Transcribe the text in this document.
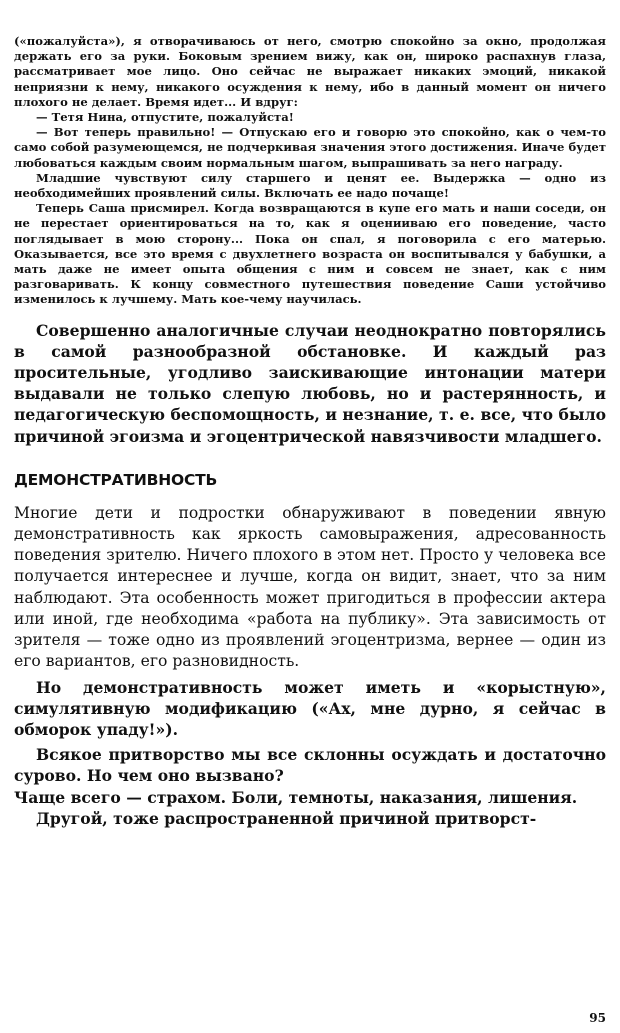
(«пожалуйста»), я отворачиваюсь от него, смотрю спокойно за окно, продолжая держать его за руки. Боковым зрением вижу, как он, широко распахнув глаза, рассматривает мое лицо. Оно сейчас не выражает никаких эмоций, никакой неприязни к нему, никакого осуждения к нему, ибо в данный момент он ничего плохого не делает. Время идет... И вдруг:

— Тетя Нина, отпустите, пожалуйста!

— Вот теперь правильно! — Отпускаю его и говорю это спокойно, как о чем-то само собой разумеющемся, не подчеркивая значения этого достижения. Иначе будет любоваться каждым своим нормальным шагом, выпрашивать за него награду.

Младшие чувствуют силу старшего и ценят ее. Выдержка — одно из необходимейших проявлений силы. Включать ее надо почаще!

Теперь Саша присмирел. Когда возвращаются в купе его мать и наши соседи, он не перестает ориентироваться на то, как я оценииваю его поведение, часто поглядывает в мою сторону... Пока он спал, я поговорила с его матерью. Оказывается, все это время с двухлетнего возраста он воспитывался у бабушки, а мать даже не имеет опыта общения с ним и совсем не знает, как с ним разговаривать. К концу совместного путешествия поведение Саши устойчиво изменилось к лучшему. Мать кое-чему научилась.

Совершенно аналогичные случаи неоднократно повторялись в самой разнообразной обстановке. И каждый раз просительные, угодливо заискивающие интонации матери выдавали не только слепую любовь, но и растерянность, и педагогическую беспомощность, и незнание, т. е. все, что было причиной эгоизма и эгоцентрической навязчивости младшего.

ДЕМОНСТРАТИВНОСТЬ

Многие дети и подростки обнаруживают в поведении явную демонстративность как яркость самовыражения, адресованность поведения зрителю. Ничего плохого в этом нет. Просто у человека все получается интереснее и лучше, когда он видит, знает, что за ним наблюдают. Эта особенность может пригодиться в профессии актера или иной, где необходима «работа на публику». Эта зависимость от зрителя — тоже одно из проявлений эгоцентризма, вернее — один из его вариантов, его разновидность.

Но демонстративность может иметь и «корыстную», симулятивную модификацию («Ах, мне дурно, я сейчас в обморок упаду!»).

Всякое притворство мы все склонны осуждать и достаточно сурово. Но чем оно вызвано?

Чаще всего — страхом. Боли, темноты, наказания, лишения.

Другой, тоже распространенной причиной притворст-

95
